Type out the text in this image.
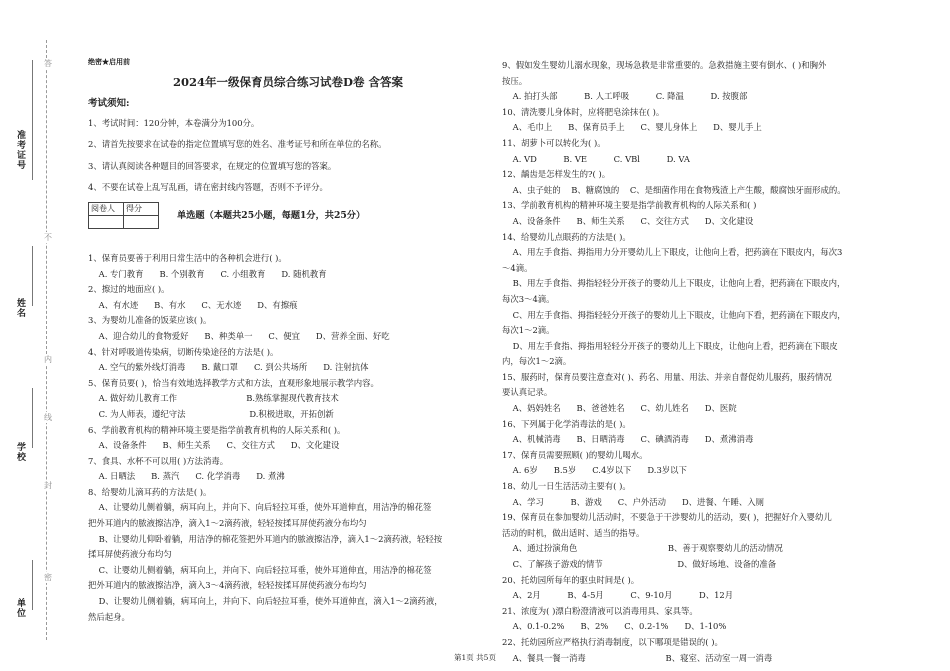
答
不
内
线
封
密
准考证号
姓名
学校
单位
绝密★启用前
2024年一级保育员综合练习试卷D卷 含答案
考试须知:
1、考试时间：120分钟，本卷满分为100分。
2、请首先按要求在试卷的指定位置填写您的姓名、准考证号和所在单位的名称。
3、请认真阅读各种题目的回答要求，在规定的位置填写您的答案。
4、不要在试卷上乱写乱画，请在密封线内答题，否则不予评分。
阅卷人	得分

单选题（本题共25小题，每题1分，共25分）
1、保育员要善于利用日常生活中的各种机会进行( )。
A. 专门教育      B. 个别教育      C. 小组教育      D. 随机教育
2、擦过的地面应( )。
A、有水迹      B、有水      C、无水迹      D、有擦痕
3、为婴幼儿准备的饭菜应该( )。
A、迎合幼儿的食物爱好      B、种类单一      C、便宜      D、营养全面、好吃
4、针对呼吸道传染病，切断传染途径的方法是( )。
A. 空气的紫外线灯消毒      B. 戴口罩      C. 到公共场所      D. 注射抗体
5、保育员要( )，恰当有效地选择教学方式和方法，直观形象地展示教学内容。
A. 做好幼儿教育工作                          B.熟练掌握现代教育技术
C. 为人师表，遵纪守法                        D.积极进取，开拓创新
6、学前教育机构的精神环境主要是指学前教育机构的人际关系和( )。
A、设备条件      B、师生关系      C、交往方式      D、文化建设
7、食具、水杯不可以用( )方法消毒。
A. 日晒法      B. 蒸汽      C. 化学消毒      D. 煮沸
8、给婴幼儿滴耳药的方法是( )。
A、让婴幼儿侧着躺，病耳向上，并向下、向后轻拉耳垂，使外耳道伸直，用洁净的棉花签
把外耳道内的脓液擦洁净，滴入1～2滴药液，轻轻按揉耳屏使药液分布均匀
B、让婴幼儿仰卧着躺，用洁净的棉花签把外耳道内的脓液擦洁净，滴入1～2滴药液，轻轻按
揉耳屏使药液分布均匀
C、让婴幼儿侧着躺，病耳向上，并向下、向后轻拉耳垂，使外耳道伸直，用洁净的棉花签
把外耳道内的脓液擦洁净，滴入3～4滴药液，轻轻按揉耳屏使药液分布均匀
D、让婴幼儿侧着躺，病耳向上，并向下、向后轻拉耳垂，使外耳道伸直，滴入1～2滴药液，
然后起身。
9、假如发生婴幼儿溺水现象，现场急救是非常重要的。急救措施主要有倒水、( )和胸外
按压。
A. 拍打头部          B. 人工呼吸          C. 降温          D. 按腹部
10、清洗婴儿身体时，应将肥皂涂抹在( )。
A、毛巾上      B、保育员手上      C、婴儿身体上      D、婴儿手上
11、胡萝卜可以转化为( )。
A. VD          B. VE          C. VBl          D. VA
12、龋齿是怎样发生的?( )。
A、虫子蛀的    B、糖腐蚀的    C、是细菌作用在食物残渣上产生酸，酸腐蚀牙面形成的。
13、学前教育机构的精神环境主要是指学前教育机构的人际关系和( )
A、设备条件      B、师生关系      C、交往方式      D、文化建设
14、给婴幼儿点眼药的方法是( )。
A、用左手食指、拇指用力分开婴幼儿上下眼皮，让他向上看，把药滴在下眼皮内，每次3
～4滴。
B、用左手食指、拇指轻轻分开孩子的婴幼儿上下眼皮，让他向上看，把药滴在下眼皮内，
每次3～4滴。
C、用左手食指、拇指轻轻分开孩子的婴幼儿上下眼皮，让他向下看，把药滴在下眼皮内，
每次1～2滴。
D、用左手食指、拇指用轻轻分开孩子的婴幼儿上下眼皮，让他向上看，把药滴在下眼皮
内，每次1～2滴。
15、服药时，保育员要注意查对( )、药名、用量、用法、并亲自督促幼儿服药，服药情况
要认真记录。
A、妈妈姓名      B、爸爸姓名      C、幼儿姓名      D、医院
16、下列属于化学消毒法的是( )。
A、机械消毒      B、日晒消毒      C、碘酒消毒      D、煮沸消毒
17、保育员需要照顾( )的婴幼儿喝水。
A. 6岁      B.5岁      C.4岁以下      D.3岁以下
18、幼儿一日生活活动主要有( )。
A、学习          B、游戏      C、户外活动      D、进餐、午睡、入厕
19、保育员在参加婴幼儿活动时，不要急于干涉婴幼儿的活动，要( )，把握好介入婴幼儿
活动的时机，做出适时、适当的指导。
A、通过扮演角色                                  B、善于观察婴幼儿的活动情况
C、了解孩子游戏的情节                            D、做好场地、设备的准备
20、托幼园所每年的驱虫时间是( )。
A、2月          B、4-5月          C、9-10月          D、12月
21、浓度为( )漂白粉澄清液可以消毒用具、家具等。
A、0.1-0.2%      B、2%      C、0.2-1%      D、1-10%
22、托幼园所应严格执行消毒制度，以下哪项是错误的( )。
A、餐具一餐一消毒                              B、寝室、活动室一周一消毒
第1页 共5页
